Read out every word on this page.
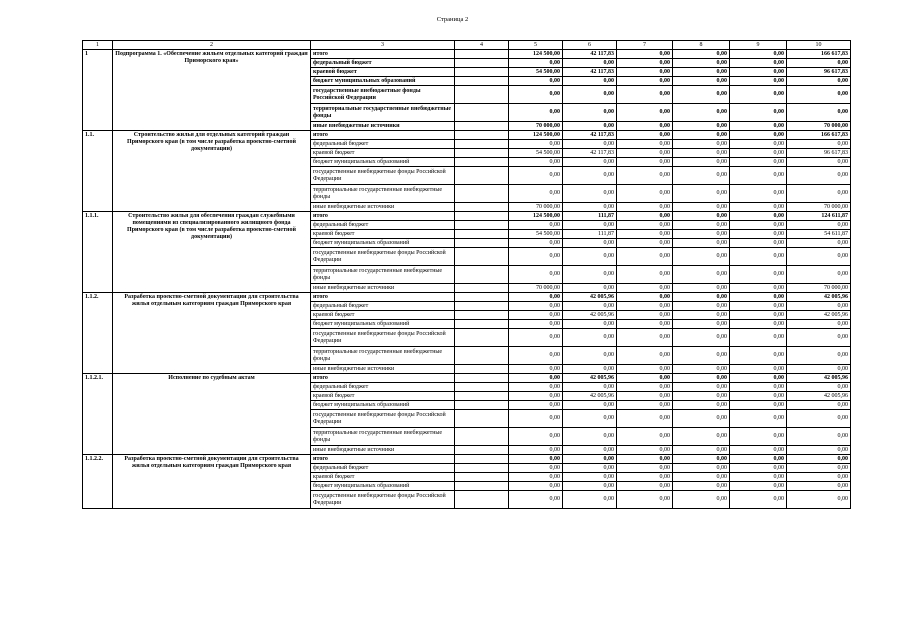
Страница 2
1	2	3	4	5	6	7	8	9	10
1	Подпрограмма 1. «Обеспечение жильем отдельных категорий граждан Приморского края»	итого		124 500,00	42 117,83	0,00	0,00	0,00	166 617,83
		федеральный бюджет		0,00	0,00	0,00	0,00	0,00	0,00
		краевой бюджет		54 500,00	42 117,83	0,00	0,00	0,00	96 617,83
		бюджет муниципальных образований		0,00	0,00	0,00	0,00	0,00	0,00
		государственные внебюджетные фонды Российской Федерации		0,00	0,00	0,00	0,00	0,00	0,00
		территориальные государственные внебюджетные фонды		0,00	0,00	0,00	0,00	0,00	0,00
		иные внебюджетные источники		70 000,00	0,00	0,00	0,00	0,00	70 000,00
1.1.	Строительство жилья для отдельных категорий граждан Приморского края (в том числе разработка проектно-сметной документации)	итого		124 500,00	42 117,83	0,00	0,00	0,00	166 617,83
		федеральный бюджет		0,00	0,00	0,00	0,00	0,00	0,00
		краевой бюджет		54 500,00	42 117,83	0,00	0,00	0,00	96 617,83
		бюджет муниципальных образований		0,00	0,00	0,00	0,00	0,00	0,00
		государственные внебюджетные фонды Российской Федерации		0,00	0,00	0,00	0,00	0,00	0,00
		территориальные государственные внебюджетные фонды		0,00	0,00	0,00	0,00	0,00	0,00
		иные внебюджетные источники		70 000,00	0,00	0,00	0,00	0,00	70 000,00
1.1.1.	Строительство жилья для обеспечения граждан служебными помещениями из специализированного жилищного фонда Приморского края (в том числе разработка проектно-сметной документации)	итого		124 500,00	111,87	0,00	0,00	0,00	124 611,87
		федеральный бюджет		0,00	0,00	0,00	0,00	0,00	0,00
		краевой бюджет		54 500,00	111,87	0,00	0,00	0,00	54 611,87
		бюджет муниципальных образований		0,00	0,00	0,00	0,00	0,00	0,00
		государственные внебюджетные фонды Российской Федерации		0,00	0,00	0,00	0,00	0,00	0,00
		территориальные государственные внебюджетные фонды		0,00	0,00	0,00	0,00	0,00	0,00
		иные внебюджетные источники		70 000,00	0,00	0,00	0,00	0,00	70 000,00
1.1.2.	Разработка проектно-сметной документации для строительства жилья отдельным категориям граждан Приморского края	итого		0,00	42 005,96	0,00	0,00	0,00	42 005,96
		федеральный бюджет		0,00	0,00	0,00	0,00	0,00	0,00
		краевой бюджет		0,00	42 005,96	0,00	0,00	0,00	42 005,96
		бюджет муниципальных образований		0,00	0,00	0,00	0,00	0,00	0,00
		государственные внебюджетные фонды Российской Федерации		0,00	0,00	0,00	0,00	0,00	0,00
		территориальные государственные внебюджетные фонды		0,00	0,00	0,00	0,00	0,00	0,00
		иные внебюджетные источники		0,00	0,00	0,00	0,00	0,00	0,00
1.1.2.1.	Исполнение по судебным актам	итого		0,00	42 005,96	0,00	0,00	0,00	42 005,96
		федеральный бюджет		0,00	0,00	0,00	0,00	0,00	0,00
		краевой бюджет		0,00	42 005,96	0,00	0,00	0,00	42 005,96
		бюджет муниципальных образований		0,00	0,00	0,00	0,00	0,00	0,00
		государственные внебюджетные фонды Российской Федерации		0,00	0,00	0,00	0,00	0,00	0,00
		территориальные государственные внебюджетные фонды		0,00	0,00	0,00	0,00	0,00	0,00
		иные внебюджетные источники		0,00	0,00	0,00	0,00	0,00	0,00
1.1.2.2.	Разработка проектно-сметной документации для строительства жилья отдельным категориям граждан Приморского края	итого		0,00	0,00	0,00	0,00	0,00	0,00
		федеральный бюджет		0,00	0,00	0,00	0,00	0,00	0,00
		краевой бюджет		0,00	0,00	0,00	0,00	0,00	0,00
		бюджет муниципальных образований		0,00	0,00	0,00	0,00	0,00	0,00
		государственные внебюджетные фонды Российской Федерации		0,00	0,00	0,00	0,00	0,00	0,00
